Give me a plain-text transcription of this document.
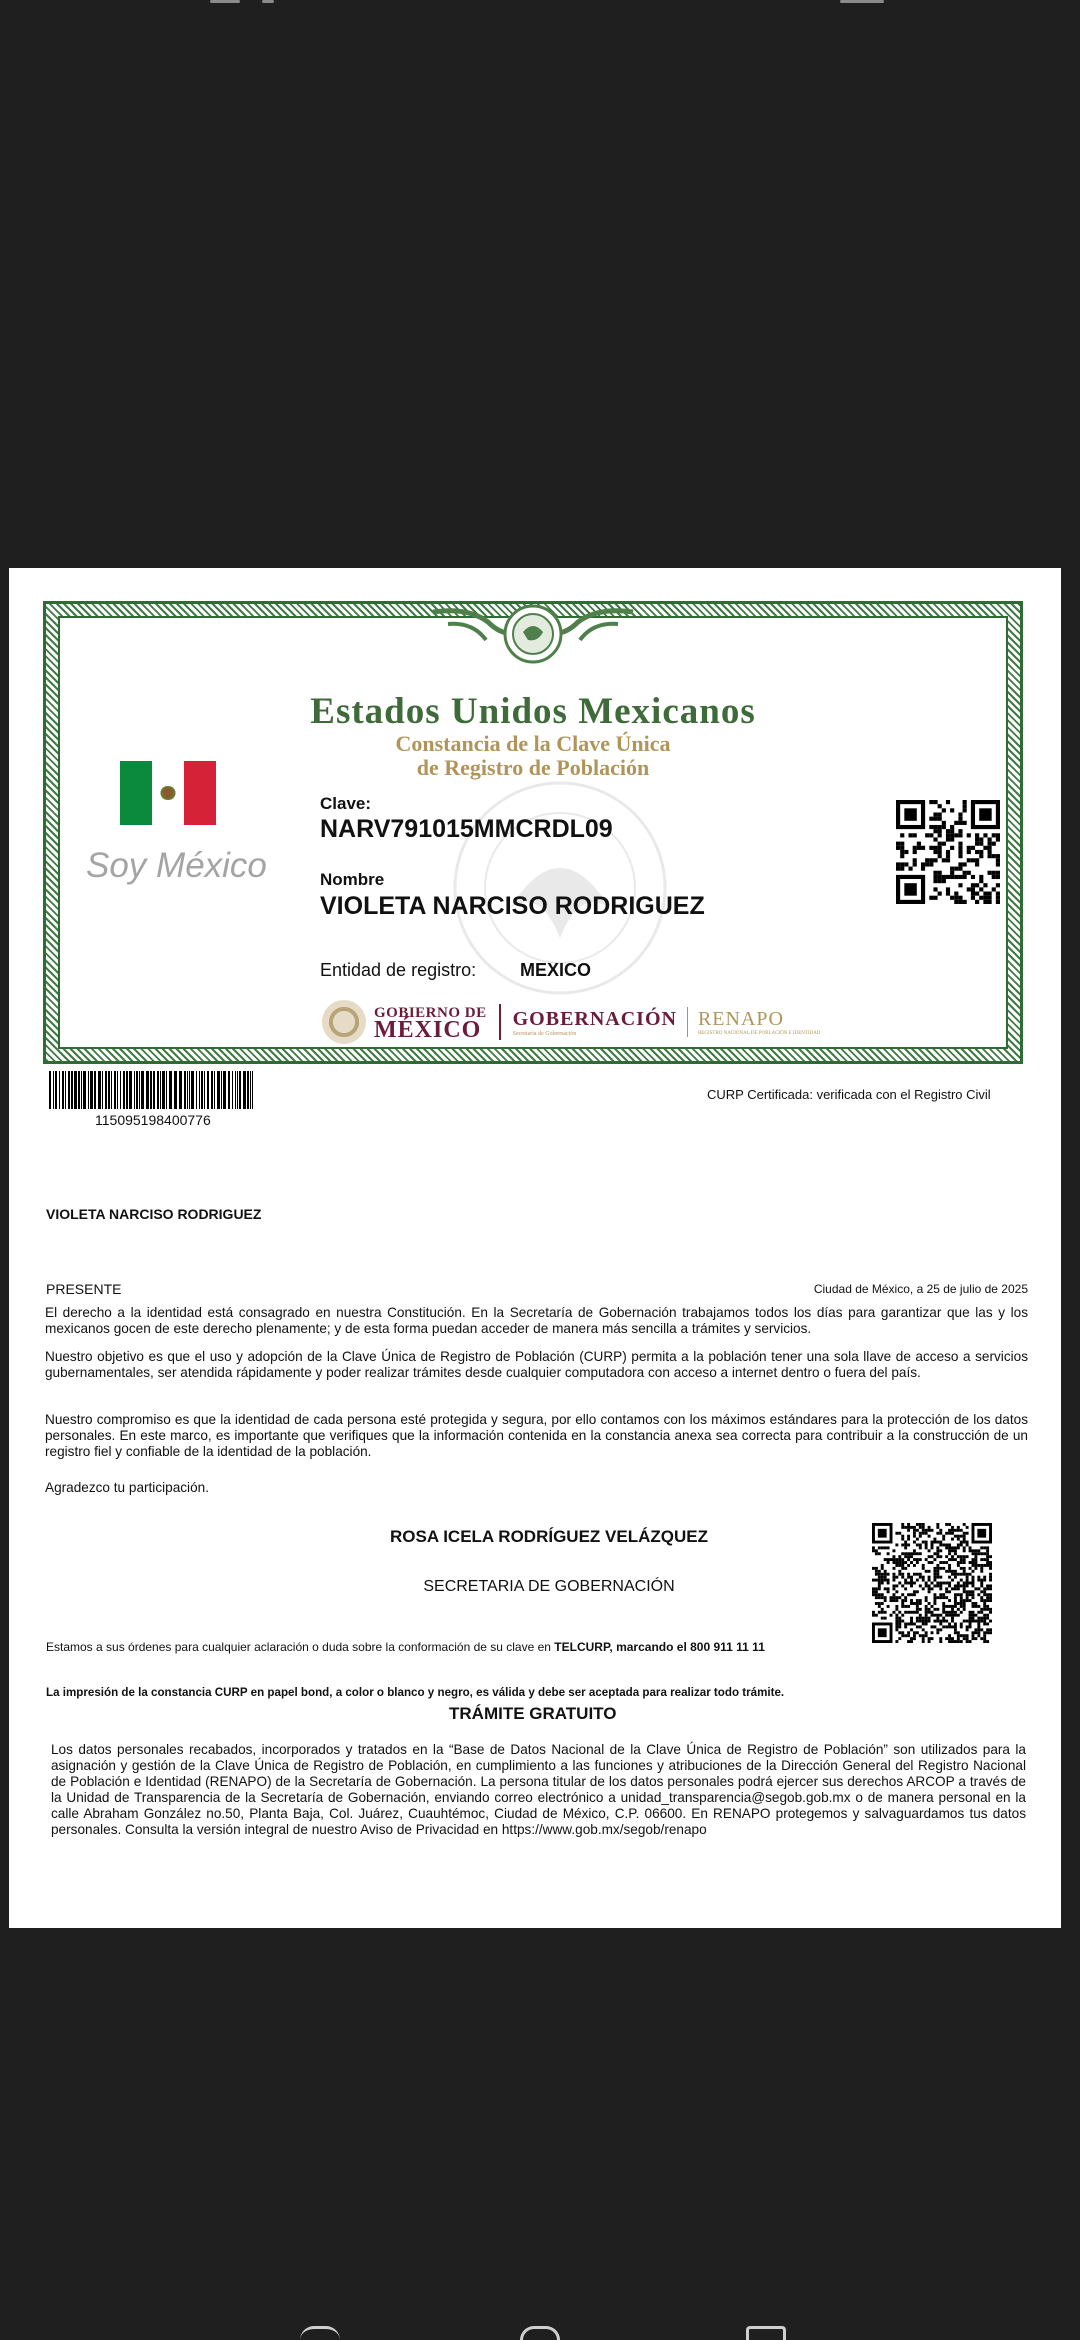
Estados Unidos Mexicanos
Constancia de la Clave Única
de Registro de Población
Soy México
Clave:
NARV791015MMCRDL09
Nombre
VIOLETA NARCISO RODRIGUEZ
Entidad de registro: MEXICO
GOBIERNO DE
MÉXICO GOBERNACIÓN
Secretaría de Gobernación
RENAPO
REGISTRO NACIONAL DE POBLACIÓN E IDENTIDAD
115095198400776
CURP Certificada: verificada con el Registro Civil
VIOLETA NARCISO RODRIGUEZ
PRESENTE	Ciudad de México, a 25 de julio de 2025

El derecho a la identidad está consagrado en nuestra Constitución. En la Secretaría de Gobernación trabajamos todos los días para garantizar que las y los mexicanos gocen de este derecho plenamente; y de esta forma puedan acceder de manera más sencilla a trámites y servicios.

Nuestro objetivo es que el uso y adopción de la Clave Única de Registro de Población (CURP) permita a la población tener una sola llave de acceso a servicios gubernamentales, ser atendida rápidamente y poder realizar trámites desde cualquier computadora con acceso a internet dentro o fuera del país.

Nuestro compromiso es que la identidad de cada persona esté protegida y segura, por ello contamos con los máximos estándares para la protección de los datos personales. En este marco, es importante que verifiques que la información contenida en la constancia anexa sea correcta para contribuir a la construcción de un registro fiel y confiable de la identidad de la población.

Agradezco tu participación.
ROSA ICELA RODRÍGUEZ VELÁZQUEZ
SECRETARIA DE GOBERNACIÓN
Estamos a sus órdenes para cualquier aclaración o duda sobre la conformación de su clave en TELCURP, marcando el 800 911 11 11
La impresión de la constancia CURP en papel bond, a color o blanco y negro, es válida y debe ser aceptada para realizar todo trámite.
TRÁMITE GRATUITO

Los datos personales recabados, incorporados y tratados en la “Base de Datos Nacional de la Clave Única de Registro de Población” son utilizados para la asignación y gestión de la Clave Única de Registro de Población, en cumplimiento a las funciones y atribuciones de la Dirección General del Registro Nacional de Población e Identidad (RENAPO) de la Secretaría de Gobernación. La persona titular de los datos personales podrá ejercer sus derechos ARCOP a través de la Unidad de Transparencia de la Secretaría de Gobernación, enviando correo electrónico a unidad_transparencia@segob.gob.mx o de manera personal en la calle Abraham González no.50, Planta Baja, Col. Juárez, Cuauhtémoc, Ciudad de México, C.P. 06600. En RENAPO protegemos y salvaguardamos tus datos personales. Consulta la versión integral de nuestro Aviso de Privacidad en https://www.gob.mx/segob/renapo
